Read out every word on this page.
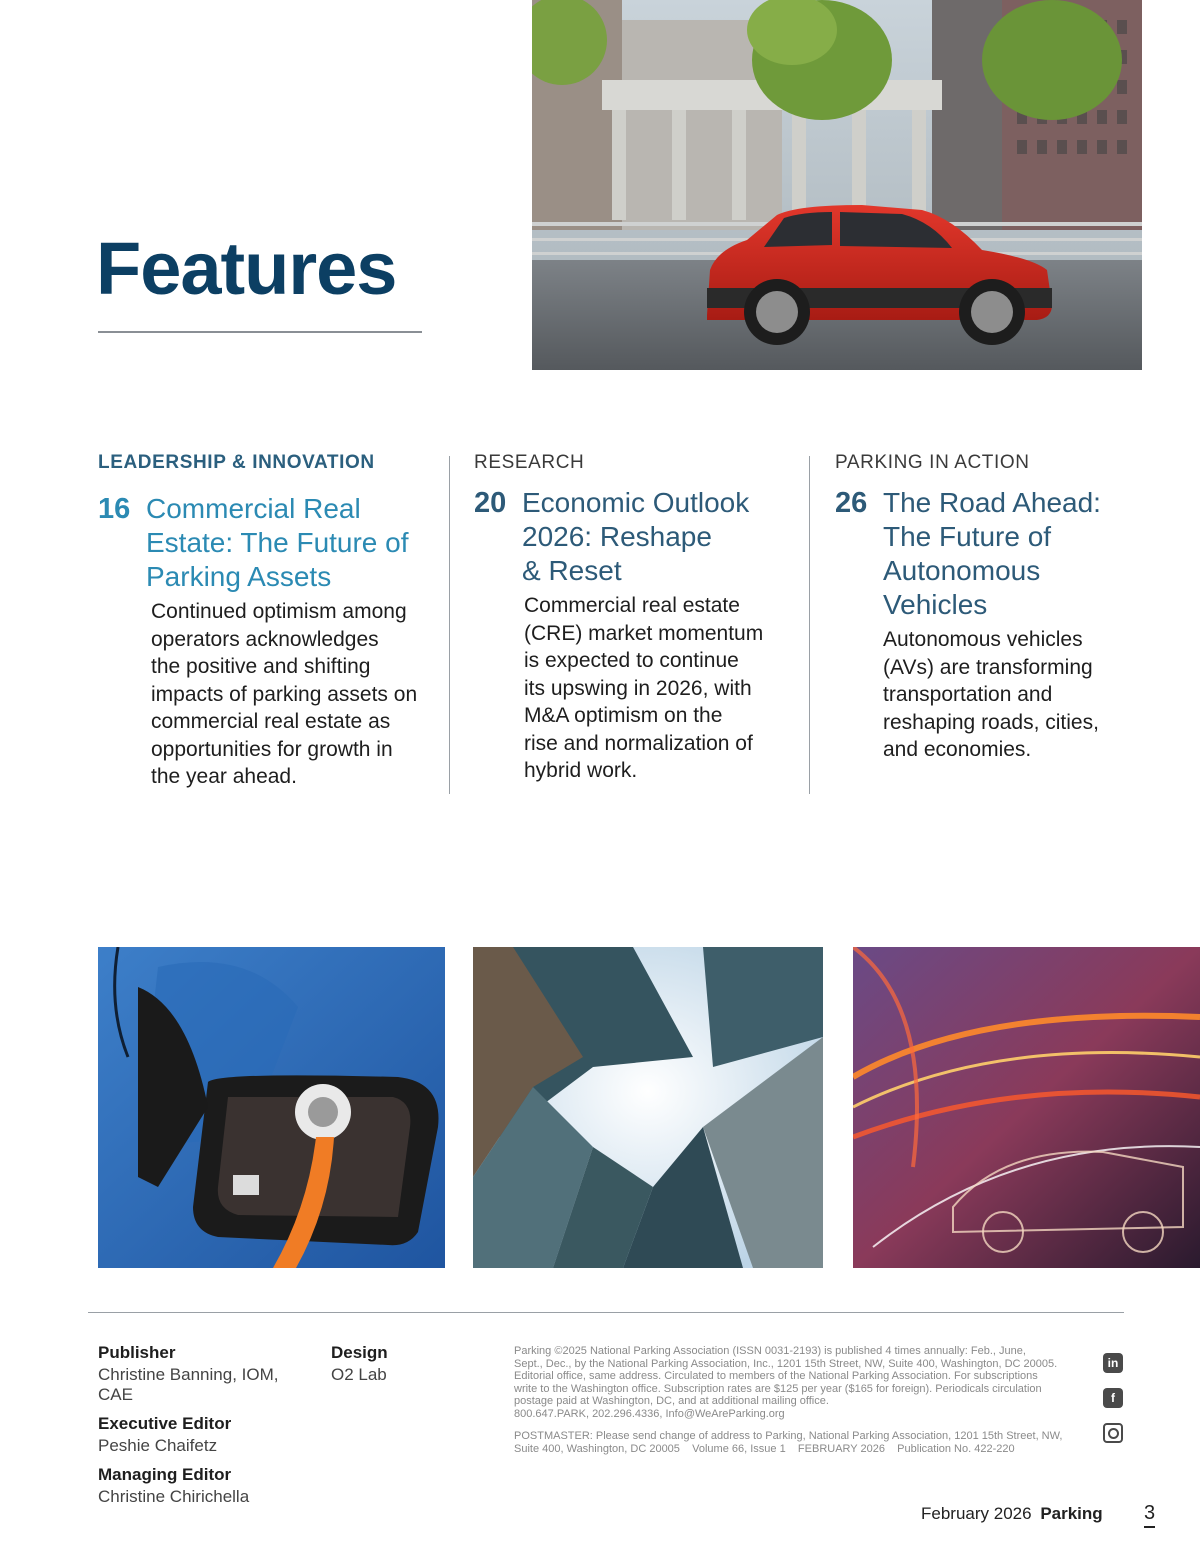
Features
LEADERSHIP & INNOVATION
16 Commercial Real
Estate: The Future of
Parking Assets
Continued optimism among
operators acknowledges
the positive and shifting
impacts of parking assets on
commercial real estate as
opportunities for growth in
the year ahead.
RESEARCH
20 Economic Outlook
2026: Reshape
& Reset
Commercial real estate
(CRE) market momentum
is expected to continue
its upswing in 2026, with
M&A optimism on the
rise and normalization of
hybrid work.
PARKING IN ACTION
26 The Road Ahead:
The Future of
Autonomous
Vehicles
Autonomous vehicles
(AVs) are transforming
transportation and
reshaping roads, cities,
and economies.
Publisher
Christine Banning, IOM, CAE
Executive Editor
Peshie Chaifetz
Managing Editor
Christine Chirichella
Design
O2 Lab
Parking ©2025 National Parking Association (ISSN 0031-2193) is published 4 times annually: Feb., June,
Sept., Dec., by the National Parking Association, Inc., 1201 15th Street, NW, Suite 400, Washington, DC 20005.
Editorial office, same address. Circulated to members of the National Parking Association. For subscriptions
write to the Washington office. Subscription rates are $125 per year ($165 for foreign). Periodicals circulation
postage paid at Washington, DC, and at additional mailing office.
800.647.PARK, 202.296.4336, Info@WeAreParking.org
POSTMASTER: Please send change of address to Parking, National Parking Association, 1201 15th Street, NW,
Suite 400, Washington, DC 20005    Volume 66, Issue 1    FEBRUARY 2026    Publication No. 422-220
in
f
February 2026 Parking 3
